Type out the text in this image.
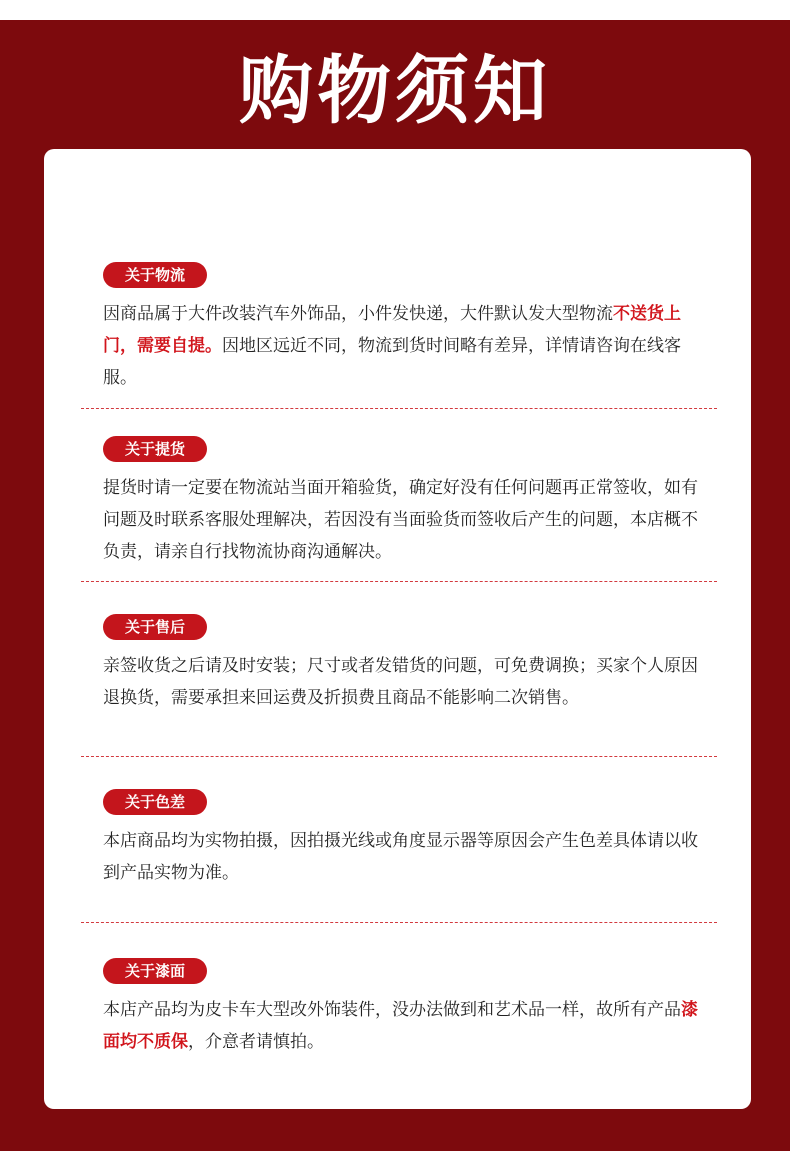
购物须知
关于物流

因商品属于大件改装汽车外饰品，小件发快递，大件默认发大型物流不送货上门，需要自提。因地区远近不同，物流到货时间略有差异，详情请咨询在线客服。

关于提货

提货时请一定要在物流站当面开箱验货，确定好没有任何问题再正常签收，如有问题及时联系客服处理解决，若因没有当面验货而签收后产生的问题，本店概不负责，请亲自行找物流协商沟通解决。

关于售后

亲签收货之后请及时安装；尺寸或者发错货的问题，可免费调换；买家个人原因退换货，需要承担来回运费及折损费且商品不能影响二次销售。

关于色差

本店商品均为实物拍摄，因拍摄光线或角度显示器等原因会产生色差具体请以收到产品实物为准。

关于漆面

本店产品均为皮卡车大型改外饰装件，没办法做到和艺术品一样，故所有产品漆面均不质保，介意者请慎拍。
